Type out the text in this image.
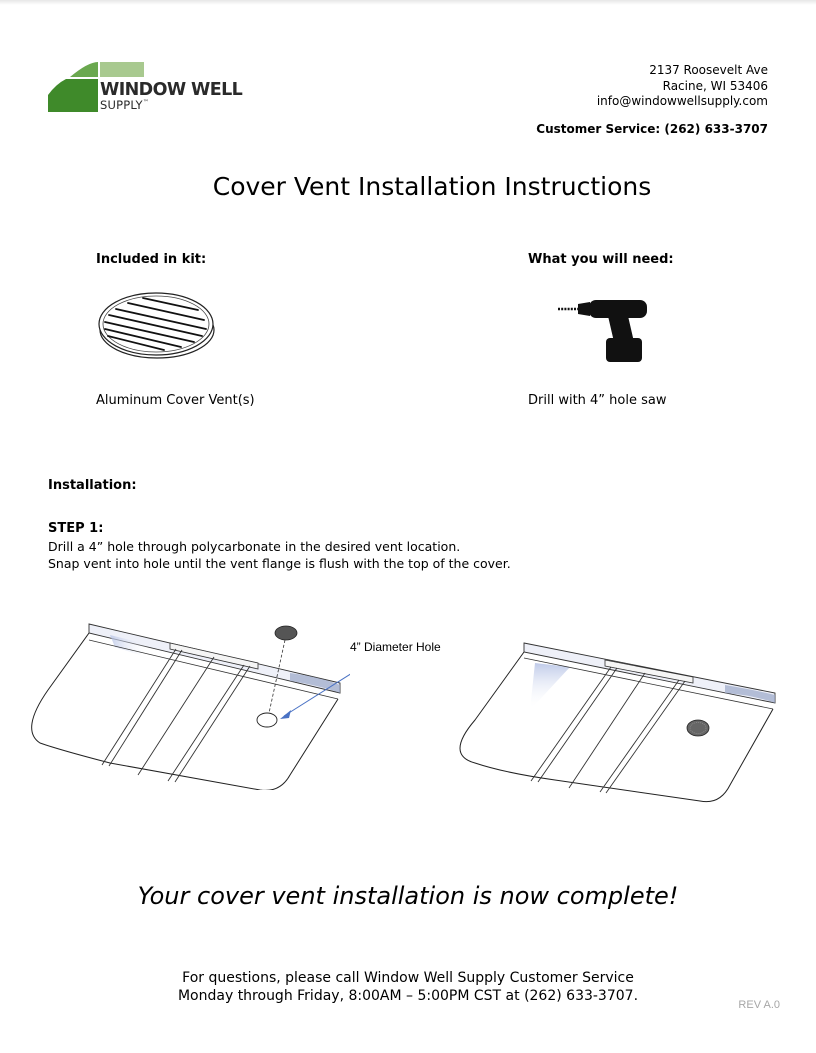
WINDOW WELL
SUPPLY™
2137 Roosevelt Ave
Racine, WI 53406
info@windowwellsupply.com
Customer Service: (262) 633-3707
Cover Vent Installation Instructions
Included in kit:
Aluminum Cover Vent(s)
What you will need:
Drill with 4” hole saw
Installation:
STEP 1:
Drill a 4” hole through polycarbonate in the desired vent location.
Snap vent into hole until the vent flange is flush with the top of the cover.
4” Diameter Hole
Your cover vent installation is now complete!
For questions, please call Window Well Supply Customer Service
Monday through Friday, 8:00AM – 5:00PM CST at (262) 633-3707.
REV A.0
